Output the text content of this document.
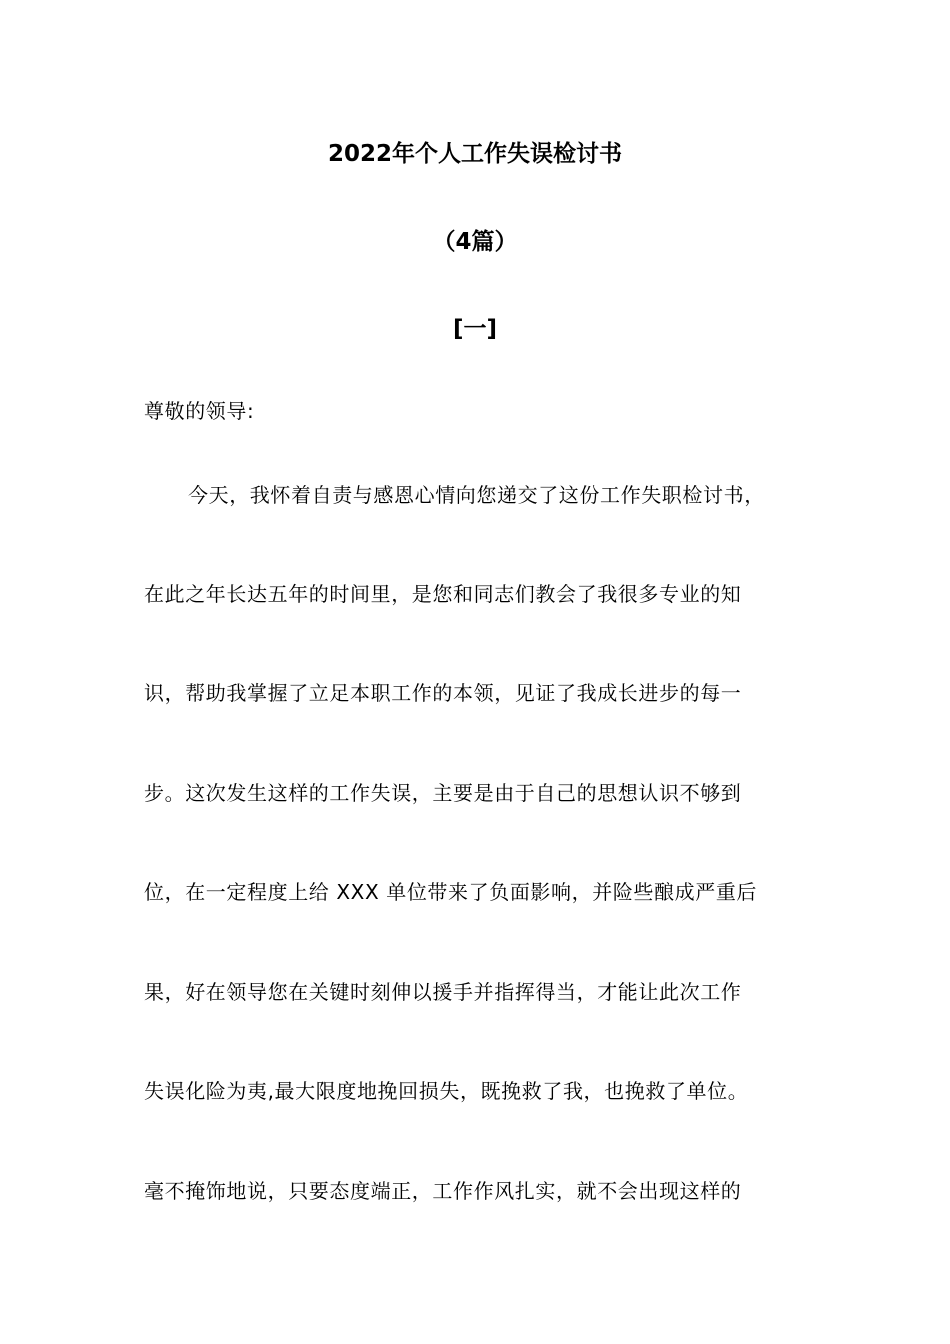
2022年个人工作失误检讨书
（4篇）
[一]
尊敬的领导:
今天，我怀着自责与感恩心情向您递交了这份工作失职检讨书，
在此之年长达五年的时间里，是您和同志们教会了我很多专业的知
识，帮助我掌握了立足本职工作的本领，见证了我成长进步的每一
步。这次发生这样的工作失误，主要是由于自己的思想认识不够到
位，在一定程度上给 XXX 单位带来了负面影响，并险些酿成严重后
果，好在领导您在关键时刻伸以援手并指挥得当，才能让此次工作
失误化险为夷,最大限度地挽回损失，既挽救了我，也挽救了单位。
毫不掩饰地说，只要态度端正，工作作风扎实，就不会出现这样的
